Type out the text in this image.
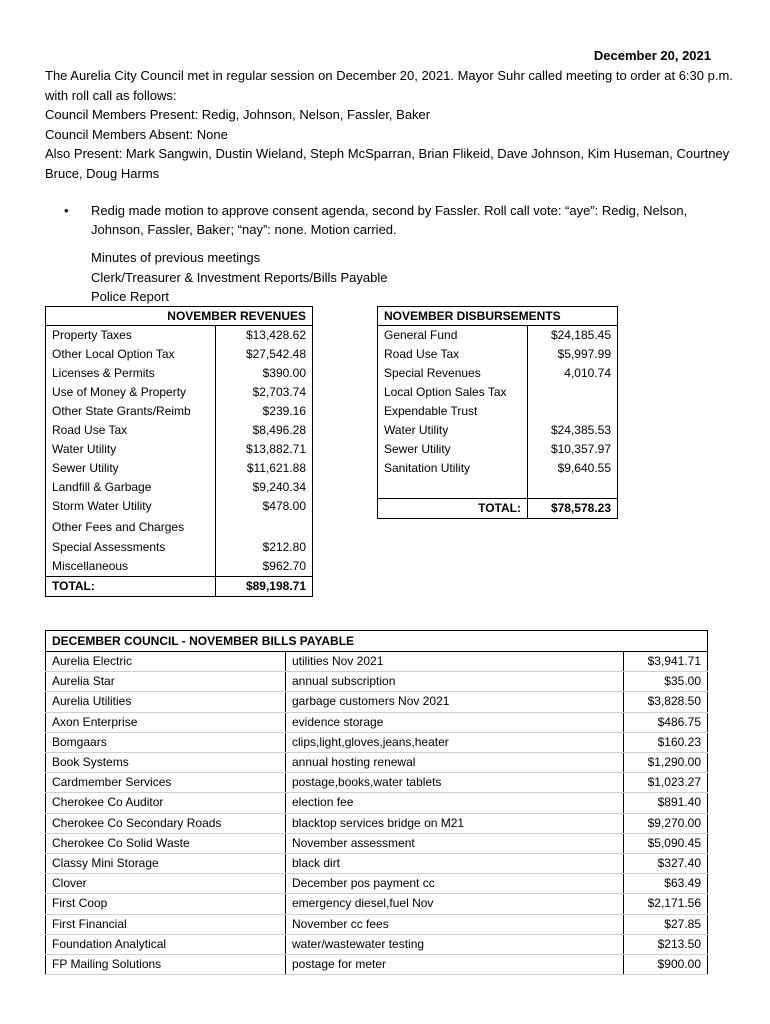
December 20, 2021

The Aurelia City Council met in regular session on December 20, 2021. Mayor Suhr called meeting to order at 6:30 p.m. with roll call as follows:

Council Members Present: Redig, Johnson, Nelson, Fassler, Baker

Council Members Absent: None

Also Present: Mark Sangwin, Dustin Wieland, Steph McSparran, Brian Flikeid, Dave Johnson, Kim Huseman, Courtney Bruce, Doug Harms

• Redig made motion to approve consent agenda, second by Fassler. Roll call vote: “aye”: Redig, Nelson, Johnson, Fassler, Baker; “nay”: none. Motion carried.
Minutes of previous meetings
Clerk/Treasurer & Investment Reports/Bills Payable
Police Report
NOVEMBER REVENUES	
Property Taxes	$13,428.62
Other Local Option Tax	$27,542.48
Licenses & Permits	$390.00
Use of Money & Property	$2,703.74
Other State Grants/Reimb	$239.16
Road Use Tax	$8,496.28
Water Utility	$13,882.71
Sewer Utility	$11,621.88
Landfill & Garbage	$9,240.34
Storm Water Utility	$478.00
Other Fees and Charges	
Special Assessments	$212.80
Miscellaneous	$962.70
TOTAL:	$89,198.71
NOVEMBER DISBURSEMENTS	
General Fund	$24,185.45
Road Use Tax	$5,997.99
Special Revenues	4,010.74
Local Option Sales Tax	
Expendable Trust	
Water Utility	$24,385.53
Sewer Utility	$10,357.97
Sanitation Utility	$9,640.55

TOTAL:	$78,578.23
DECEMBER COUNCIL - NOVEMBER BILLS PAYABLE		
Aurelia Electric	utilities Nov 2021	$3,941.71
Aurelia Star	annual subscription	$35.00
Aurelia Utilities	garbage customers Nov 2021	$3,828.50
Axon Enterprise	evidence storage	$486.75
Bomgaars	clips,light,gloves,jeans,heater	$160.23
Book Systems	annual hosting renewal	$1,290.00
Cardmember Services	postage,books,water tablets	$1,023.27
Cherokee Co Auditor	election fee	$891.40
Cherokee Co Secondary Roads	blacktop services bridge on M21	$9,270.00
Cherokee Co Solid Waste	November assessment	$5,090.45
Classy Mini Storage	black dirt	$327.40
Clover	December pos payment cc	$63.49
First Coop	emergency diesel,fuel Nov	$2,171.56
First Financial	November cc fees	$27.85
Foundation Analytical	water/wastewater testing	$213.50
FP Mailing Solutions	postage for meter	$900.00
